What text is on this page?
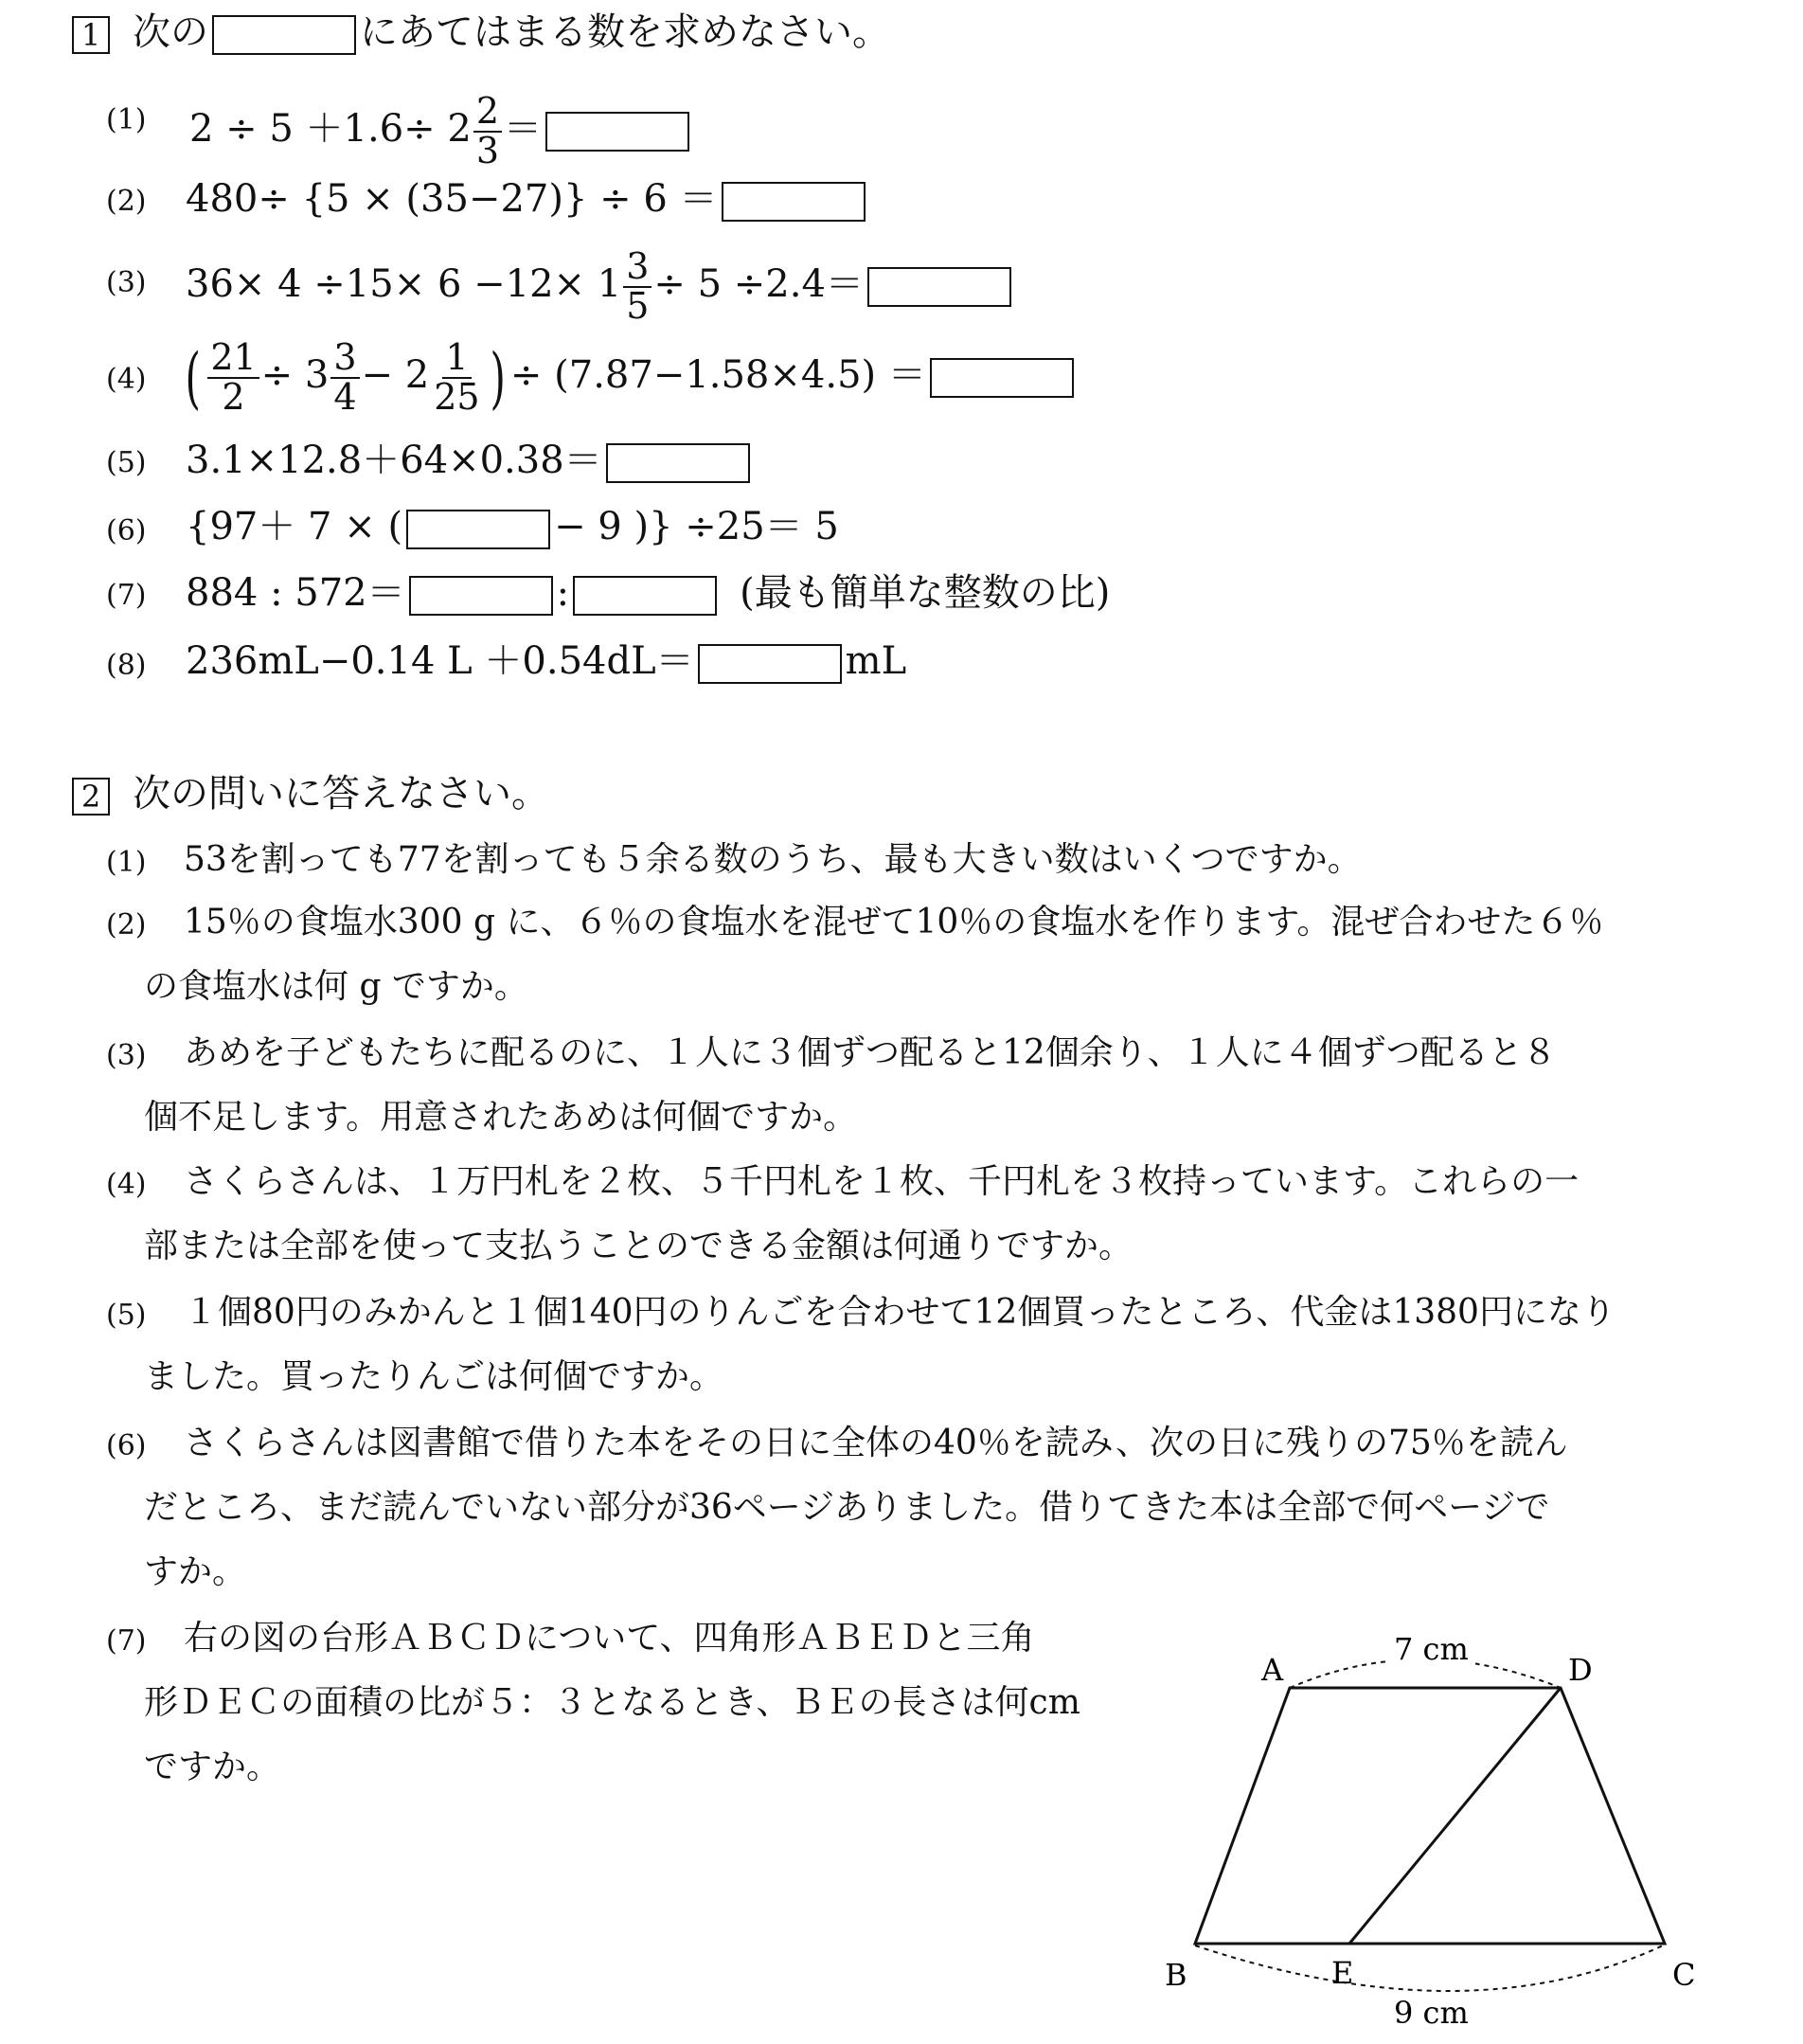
1 次の	にあてはまる数を求めなさい。
(1) $2 \div 5 +1.6\div 2 \frac{2}{3}$ ＝
(2) 480÷ {5 × (35−27)} ÷ 6 ＝
(3) $36\times 4 \div 15\times 6 -12\times 1 \frac{3}{5} \div 5 \div 2.4=$
(4) ( $\frac{21}{2} \div 3 \frac{3}{4} - 2 \frac{1}{25}$ ) ÷ (7.87−1.58×4.5) ＝
(5) 3.1×12.8＋64×0.38＝
(6) {97＋ 7 × (	− 9 )} ÷25＝ 5
(7) 884 : 572＝	:	(最も簡単な整数の比)
(8) 236mL−0.14 L ＋0.54dL＝	mL
2 次の問いに答えなさい。
(1) 53を割っても77を割っても５余る数のうち、最も大きい数はいくつですか。
(2) 15％の食塩水300 g に、６％の食塩水を混ぜて10％の食塩水を作ります。混ぜ合わせた６％
の食塩水は何 g ですか。
(3) あめを子どもたちに配るのに、１人に３個ずつ配ると12個余り、１人に４個ずつ配ると８
個不足します。用意されたあめは何個ですか。
(4) さくらさんは、１万円札を２枚、５千円札を１枚、千円札を３枚持っています。これらの一
部または全部を使って支払うことのできる金額は何通りですか。
(5) １個80円のみかんと１個140円のりんごを合わせて12個買ったところ、代金は1380円になり
ました。買ったりんごは何個ですか。
(6) さくらさんは図書館で借りた本をその日に全体の40％を読み、次の日に残りの75％を読ん
だところ、まだ読んでいない部分が36ページありました。借りてきた本は全部で何ページで
すか。
(7) 右の図の台形ＡＢＣＤについて、四角形ＡＢＥＤと三角
形ＤＥＣの面積の比が５：３となるとき、ＢＥの長さは何cm
ですか。
A	D
B	E	C
7 cm
9 cm
